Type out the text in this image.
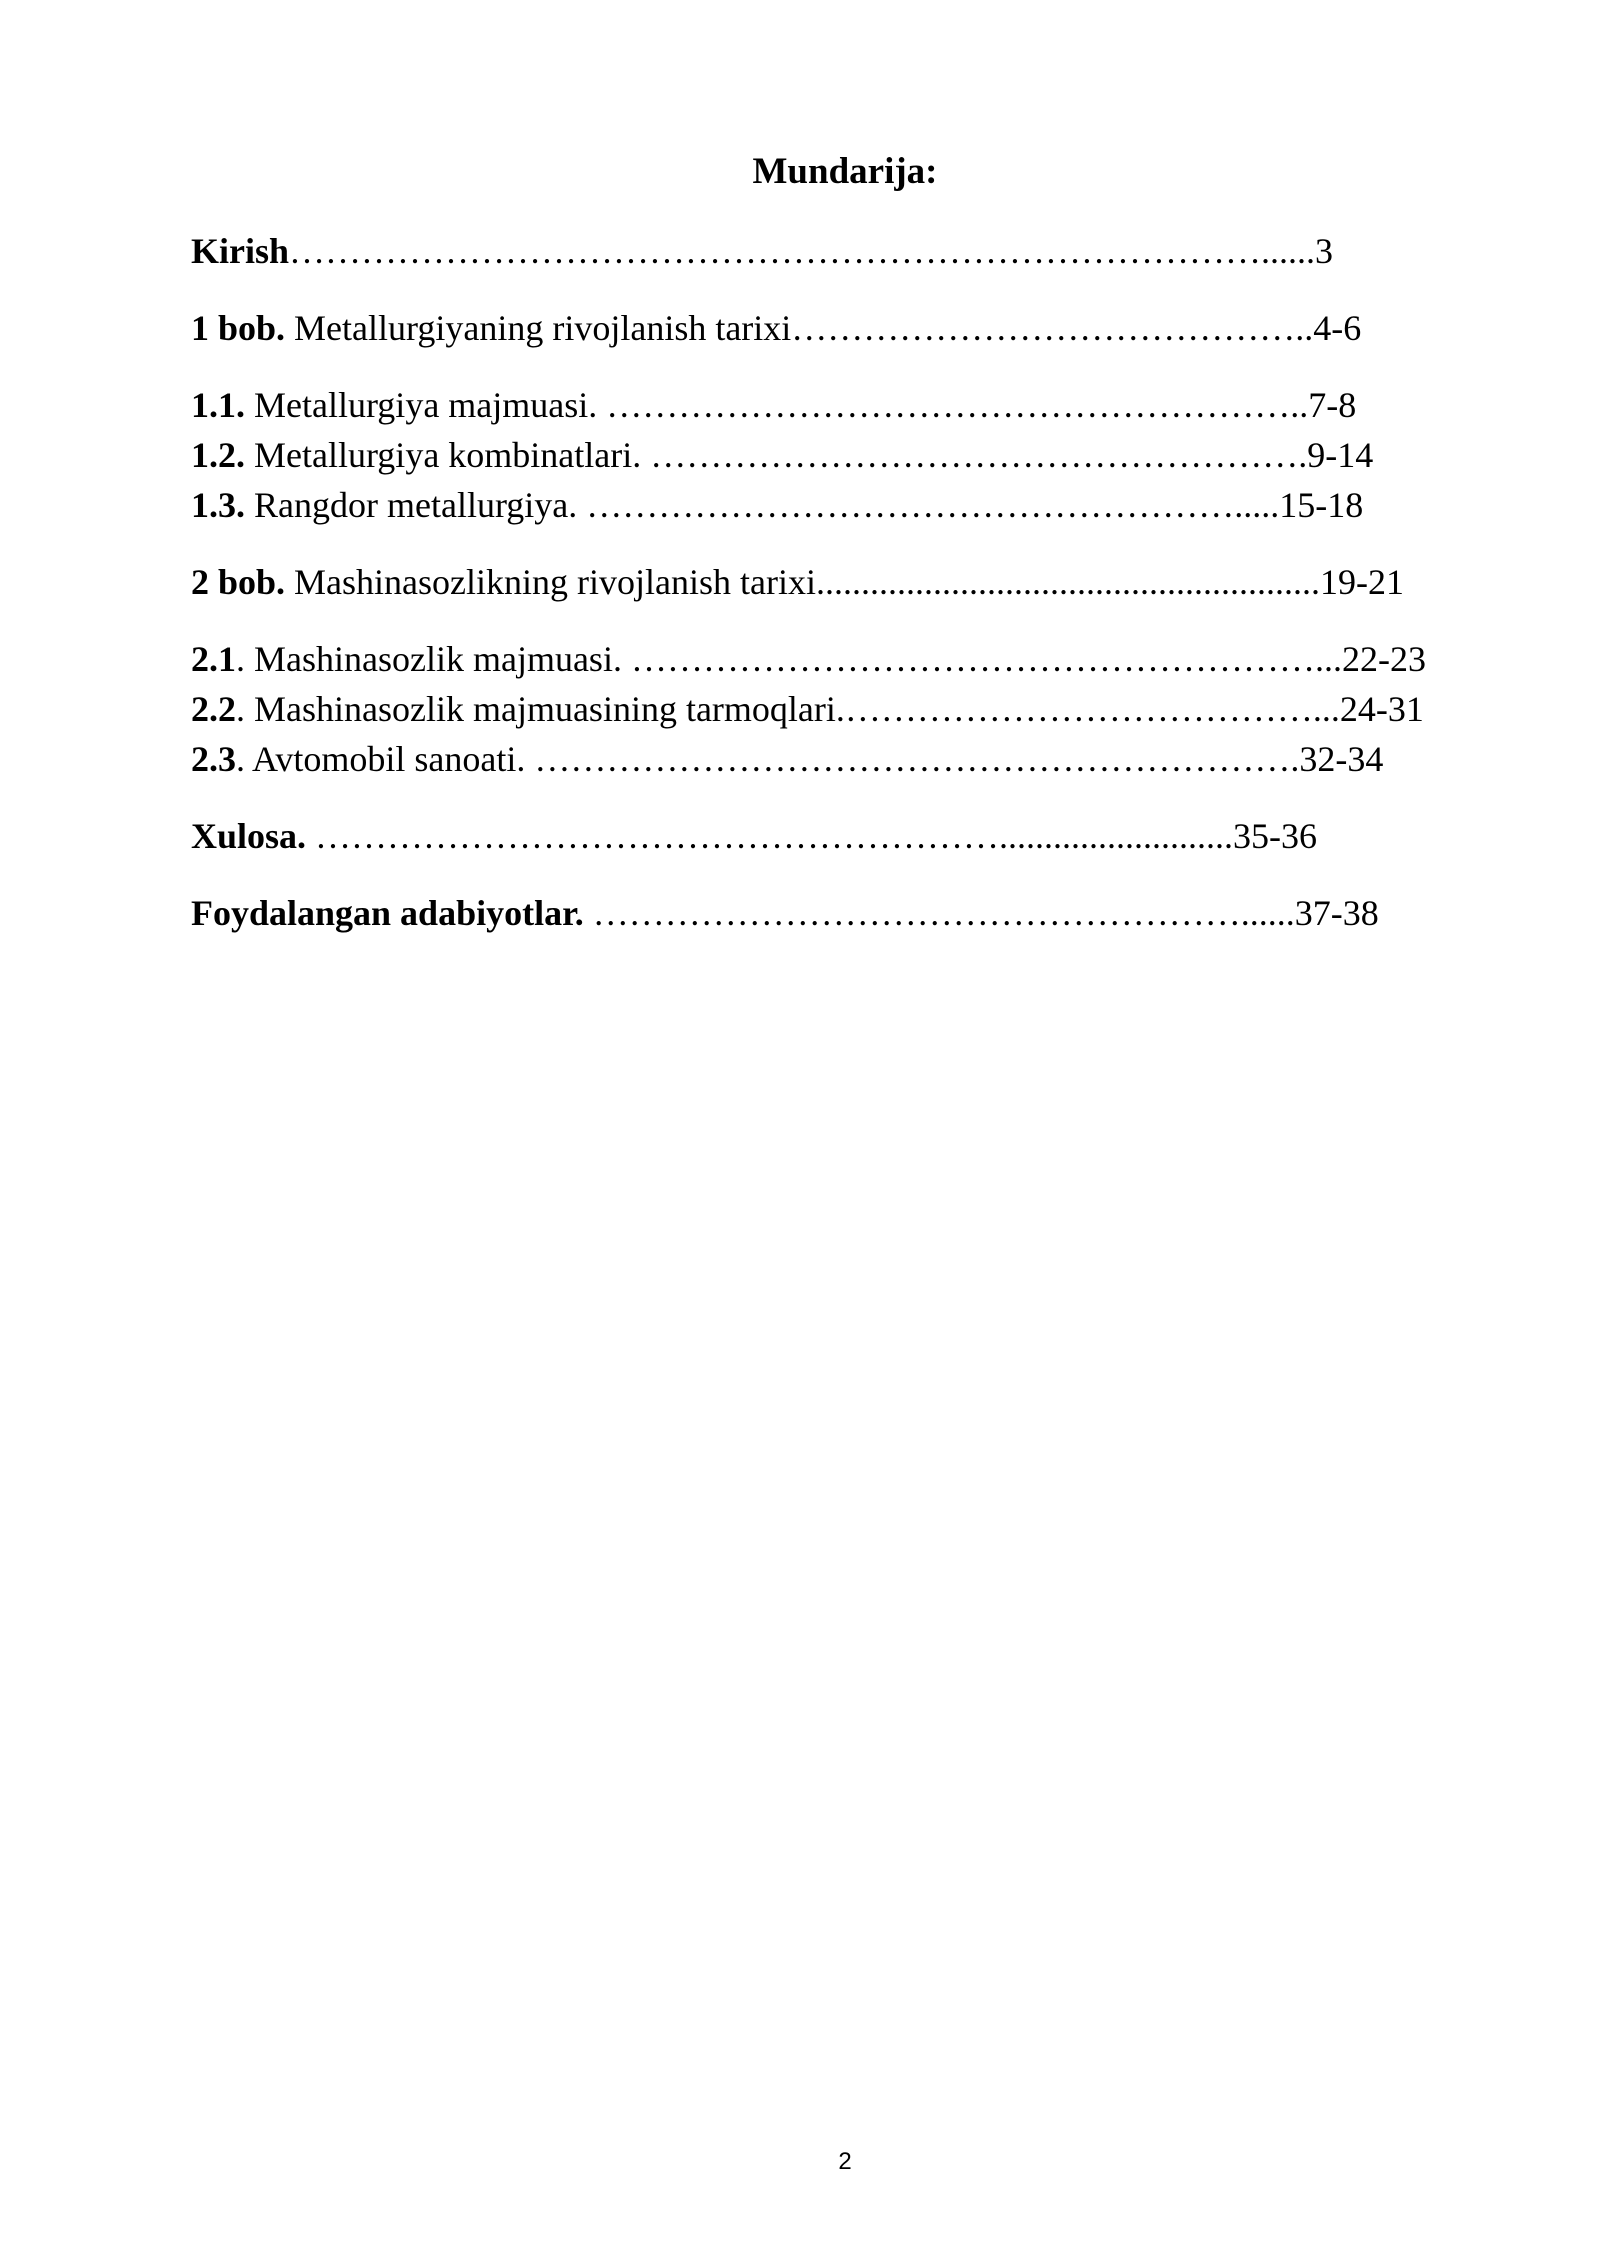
Mundarija:
Kirish………………………………………………………………………......3
1 bob. Metallurgiyaning rivojlanish tarixi……………………………………..4-6
1.1. Metallurgiya majmuasi. …………………………………………………..7-8
1.2. Metallurgiya kombinatlari. ……………………………………………….9-14
1.3. Rangdor metallurgiya. ……………………………………………….....15-18
2 bob. Mashinasozlikning rivojlanish tarixi........................................................19-21
2.1. Mashinasozlik majmuasi. …………………………………………………...22-23
2.2. Mashinasozlik majmuasining tarmoqlari.…………………………………...24-31
2.3. Avtomobil sanoati. ……………………………………………………….32-34
Xulosa. …………………………………………………..........................35-36
Foydalangan adabiyotlar. ………………………………………………......37-38
2
